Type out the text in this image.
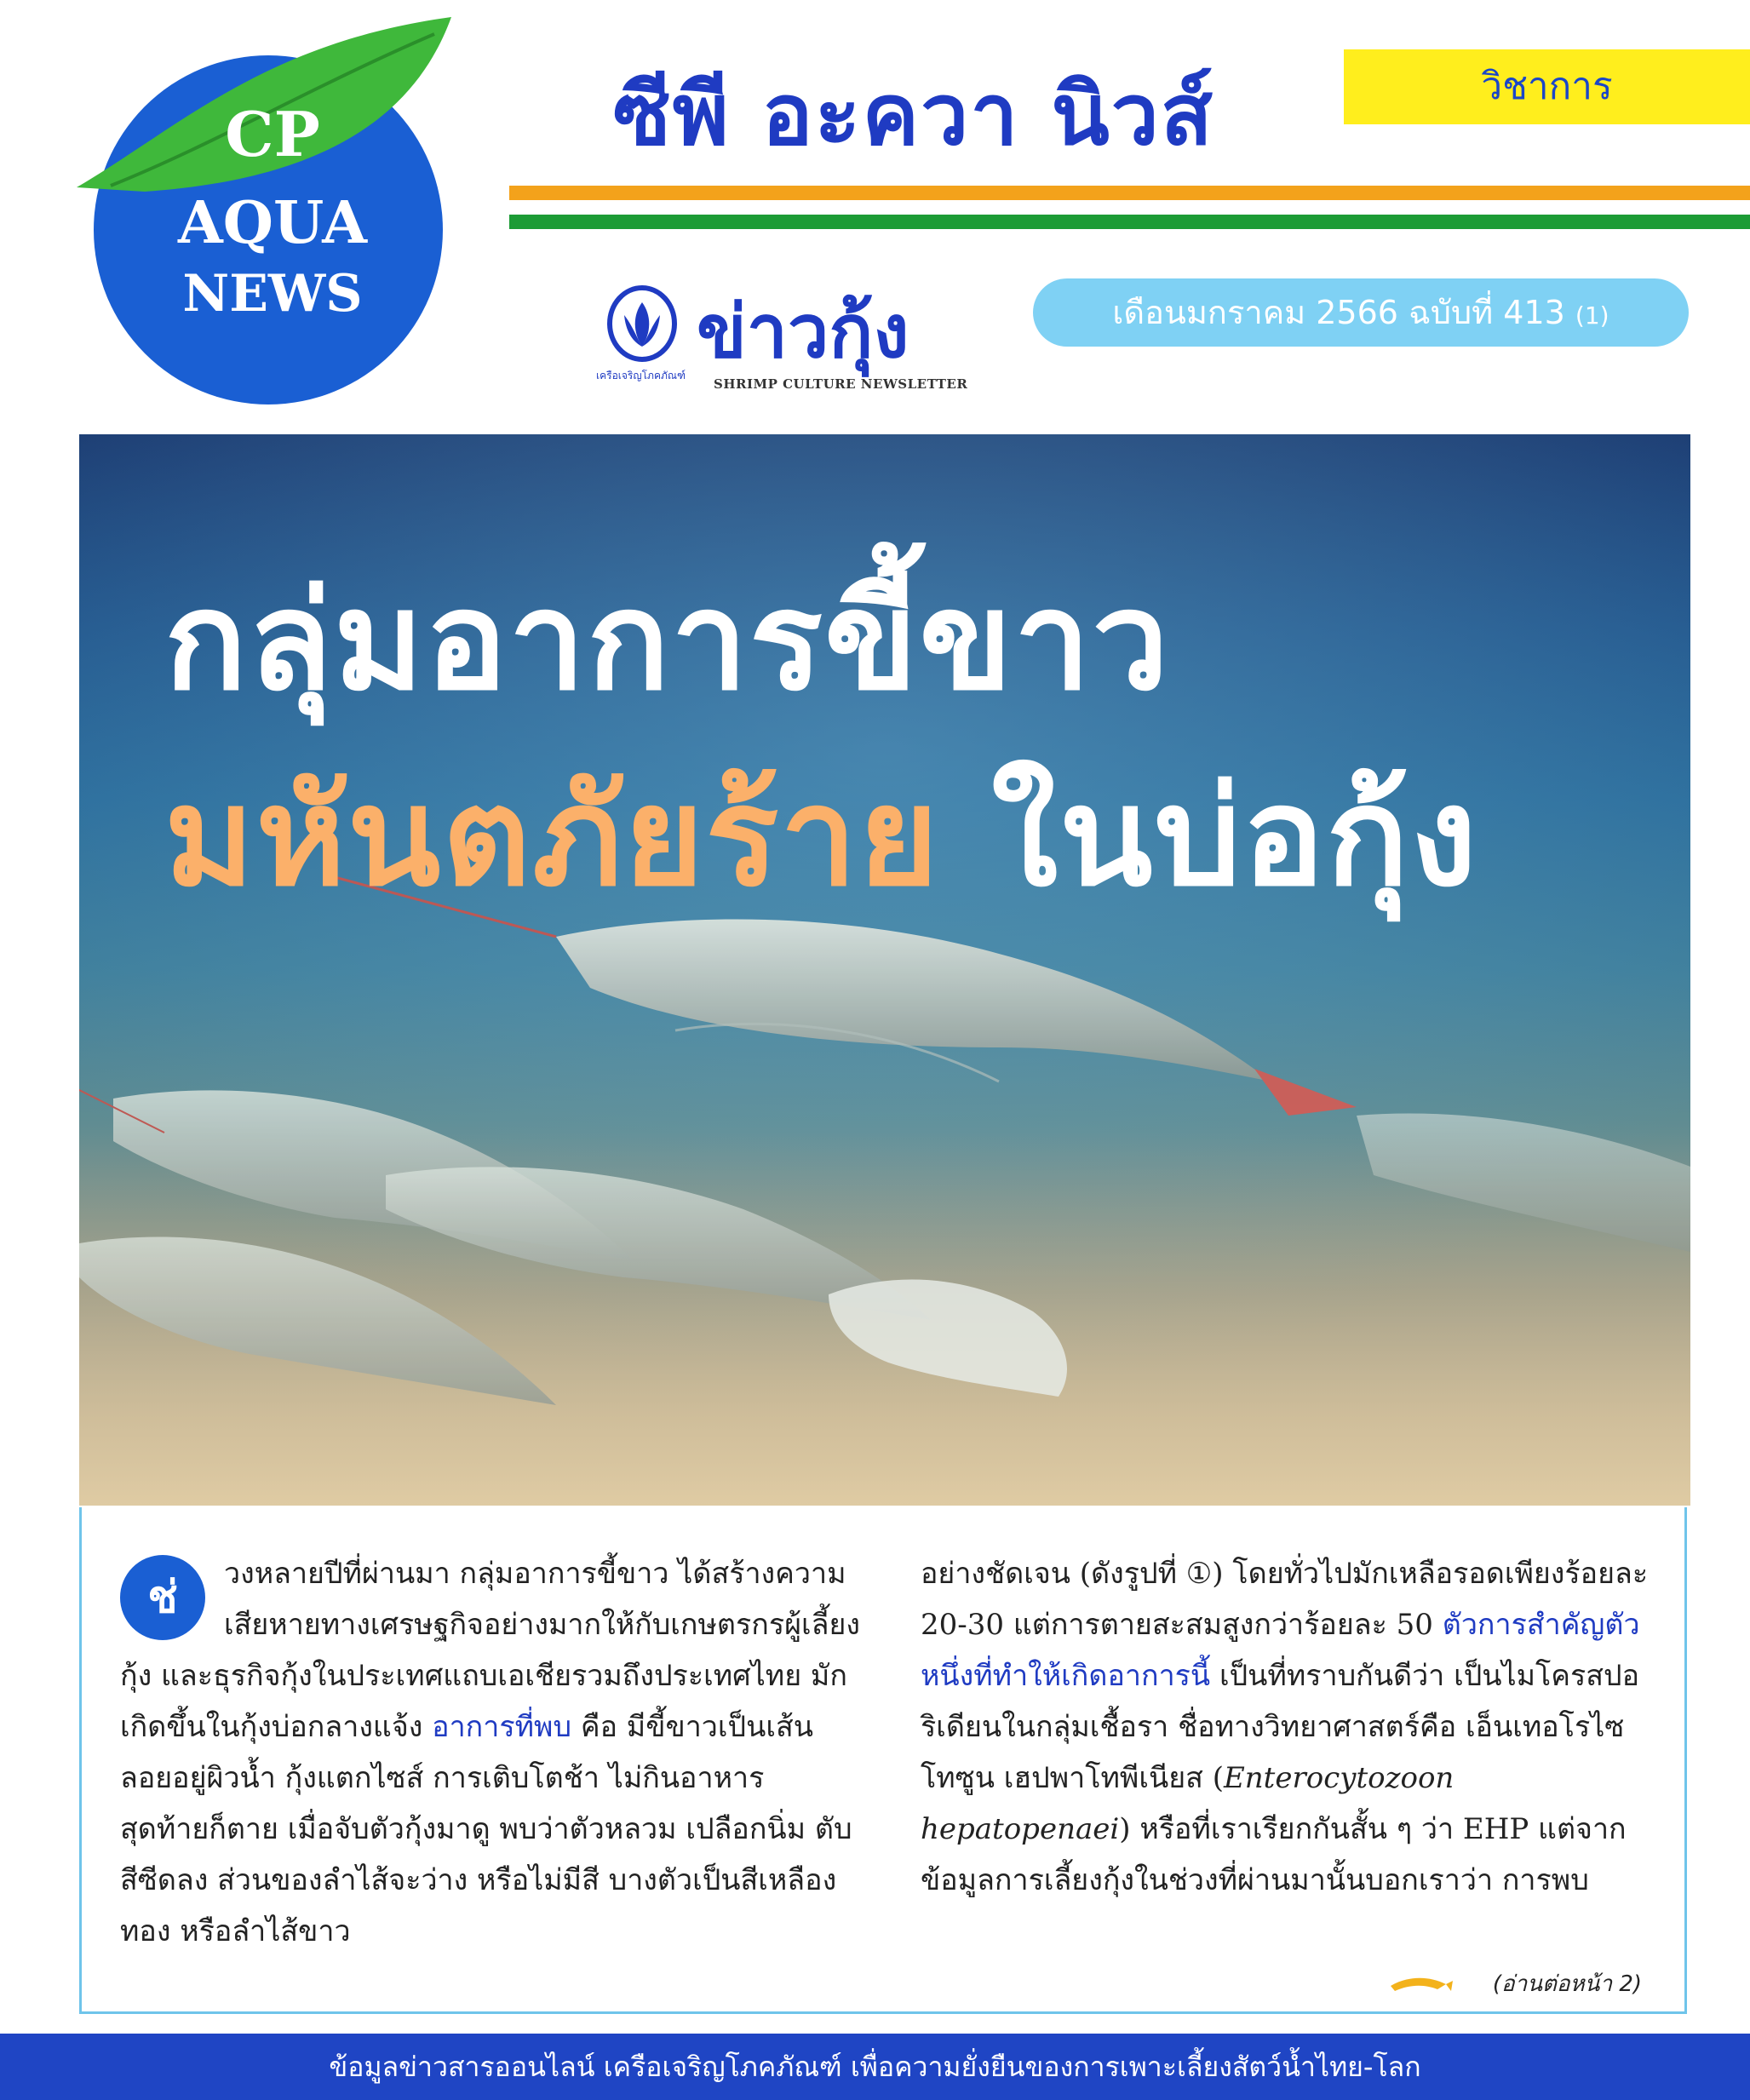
CP
AQUA
NEWS
ซีพี อะควา นิวส์	วิชาการ
เครือเจริญโภคภัณฑ์
ข่าวกุ้ง
SHRIMP CULTURE NEWSLETTER
เดือนมกราคม 2566 ฉบับที่ 413 (1)
กลุ่มอาการขี้ขาว
มหันตภัยร้าย ในบ่อกุ้ง

ช่	วงหลายปีที่ผ่านมา กลุ่มอาการขี้ขาว ได้สร้างความเสียหายทางเศรษฐกิจอย่างมากให้กับเกษตรกรผู้เลี้ยงกุ้ง และธุรกิจกุ้งในประเทศแถบเอเชียรวมถึงประเทศไทย มักเกิดขึ้นในกุ้งบ่อกลางแจ้ง อาการที่พบ คือ มีขี้ขาวเป็นเส้นลอยอยู่ผิวน้ำ กุ้งแตกไซส์ การเติบโตช้า ไม่กินอาหาร สุดท้ายก็ตาย เมื่อจับตัวกุ้งมาดู พบว่าตัวหลวม เปลือกนิ่ม ตับสีซีดลง ส่วนของลำไส้จะว่าง หรือไม่มีสี บางตัวเป็นสีเหลืองทอง หรือลำไส้ขาว

อย่างชัดเจน (ดังรูปที่ ①) โดยทั่วไปมักเหลือรอดเพียงร้อยละ 20-30 แต่การตายสะสมสูงกว่าร้อยละ 50 ตัวการสำคัญตัวหนึ่งที่ทำให้เกิดอาการนี้ เป็นที่ทราบกันดีว่า เป็นไมโครสปอริเดียนในกลุ่มเชื้อรา ชื่อทางวิทยาศาสตร์คือ เอ็นเทอโรไซโทซูน เฮปพาโทพีเนียส (Enterocytozoon hepatopenaei) หรือที่เราเรียกกันสั้น ๆ ว่า EHP แต่จากข้อมูลการเลี้ยงกุ้งในช่วงที่ผ่านมานั้นบอกเราว่า การพบ

(อ่านต่อหน้า 2)
ข้อมูลข่าวสารออนไลน์ เครือเจริญโภคภัณฑ์ เพื่อความยั่งยืนของการเพาะเลี้ยงสัตว์น้ำไทย-โลก
